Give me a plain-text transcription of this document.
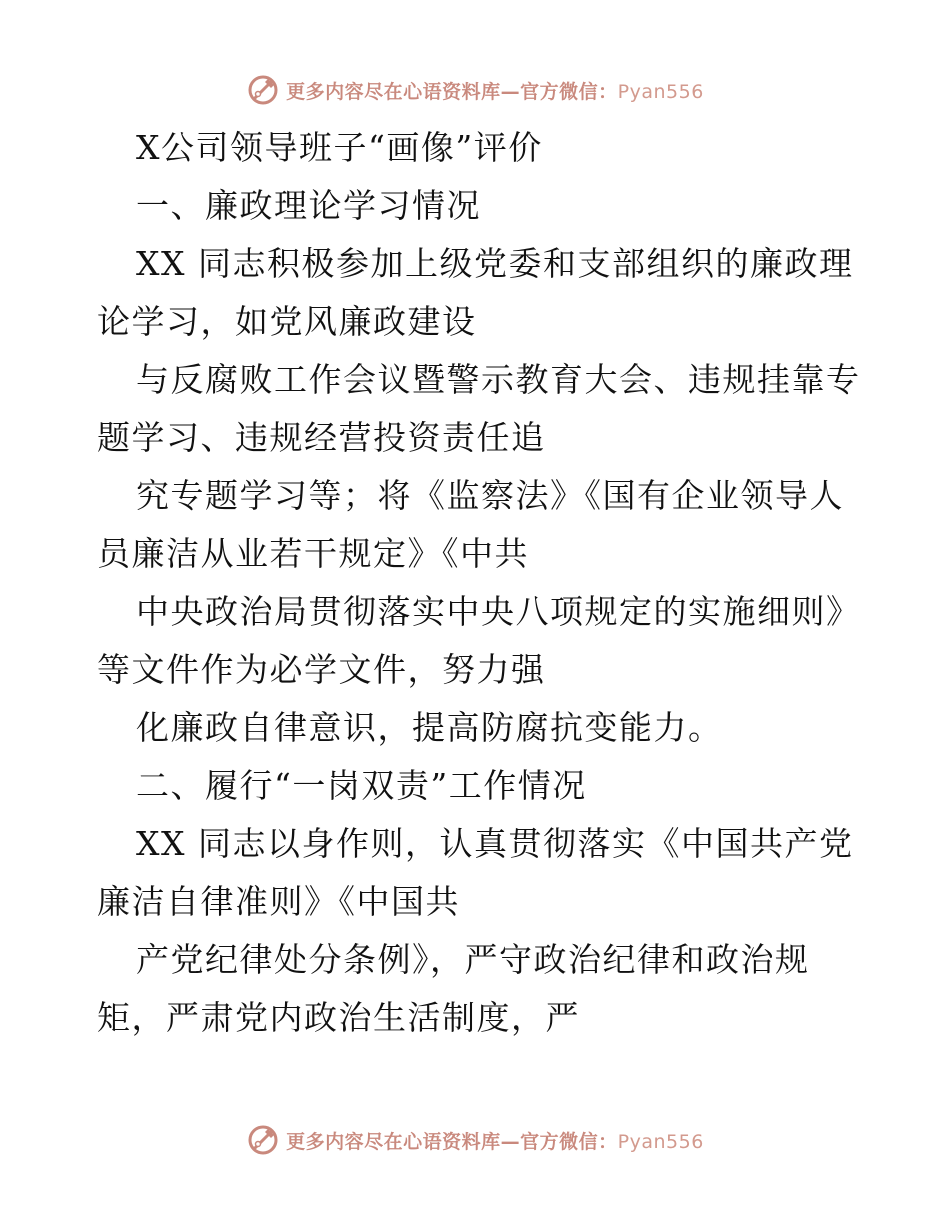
更多内容尽在心语资料库—官方微信：Pyan556
X公司领导班子“画像”评价
一、廉政理论学习情况
XX 同志积极参加上级党委和支部组织的廉政理
论学习，如党风廉政建设
与反腐败工作会议暨警示教育大会、违规挂靠专
题学习、违规经营投资责任追
究专题学习等；将《监察法》《国有企业领导人
员廉洁从业若干规定》《中共
中央政治局贯彻落实中央八项规定的实施细则》
等文件作为必学文件，努力强
化廉政自律意识，提高防腐抗变能力。
二、履行“一岗双责”工作情况
XX 同志以身作则，认真贯彻落实《中国共产党
廉洁自律准则》《中国共
产党纪律处分条例》，严守政治纪律和政治规
矩，严肃党内政治生活制度，严
更多内容尽在心语资料库—官方微信：Pyan556
